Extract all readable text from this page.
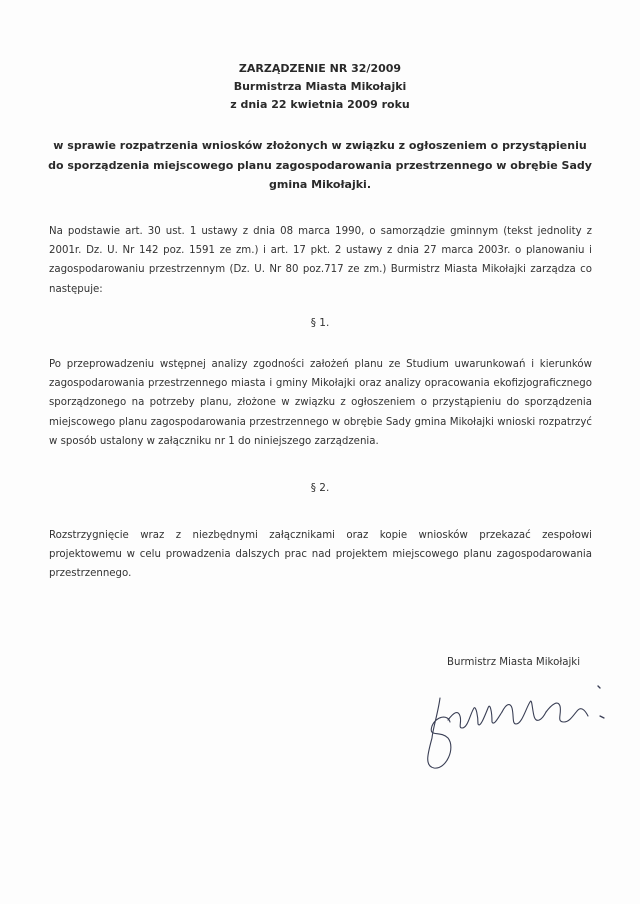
ZARZĄDZENIE NR 32/2009
Burmistrza Miasta Mikołajki
z dnia 22 kwietnia 2009 roku
w sprawie rozpatrzenia wniosków złożonych w związku z ogłoszeniem o przystąpieniu do sporządzenia miejscowego planu zagospodarowania przestrzennego w obrębie Sady gmina Mikołajki.
Na podstawie art. 30 ust. 1 ustawy z dnia 08 marca 1990, o samorządzie gminnym (tekst jednolity z 2001r. Dz. U. Nr 142 poz. 1591 ze zm.) i art. 17 pkt. 2 ustawy z dnia 27 marca 2003r. o planowaniu i zagospodarowaniu przestrzennym (Dz. U. Nr 80 poz.717 ze zm.) Burmistrz Miasta Mikołajki zarządza co następuje:
§ 1.
Po przeprowadzeniu wstępnej analizy zgodności założeń planu ze Studium uwarunkowań i kierunków zagospodarowania przestrzennego miasta i gminy Mikołajki oraz analizy opracowania ekofizjograficznego sporządzonego na potrzeby planu, złożone w związku z ogłoszeniem o przystąpieniu do sporządzenia miejscowego planu zagospodarowania przestrzennego w obrębie Sady gmina Mikołajki wnioski rozpatrzyć w sposób ustalony w załączniku nr 1 do niniejszego zarządzenia.
§ 2.
Rozstrzygnięcie wraz z niezbędnymi załącznikami oraz kopie wniosków przekazać zespołowi projektowemu w celu prowadzenia dalszych prac nad projektem miejscowego planu zagospodarowania przestrzennego.
Burmistrz Miasta Mikołajki
